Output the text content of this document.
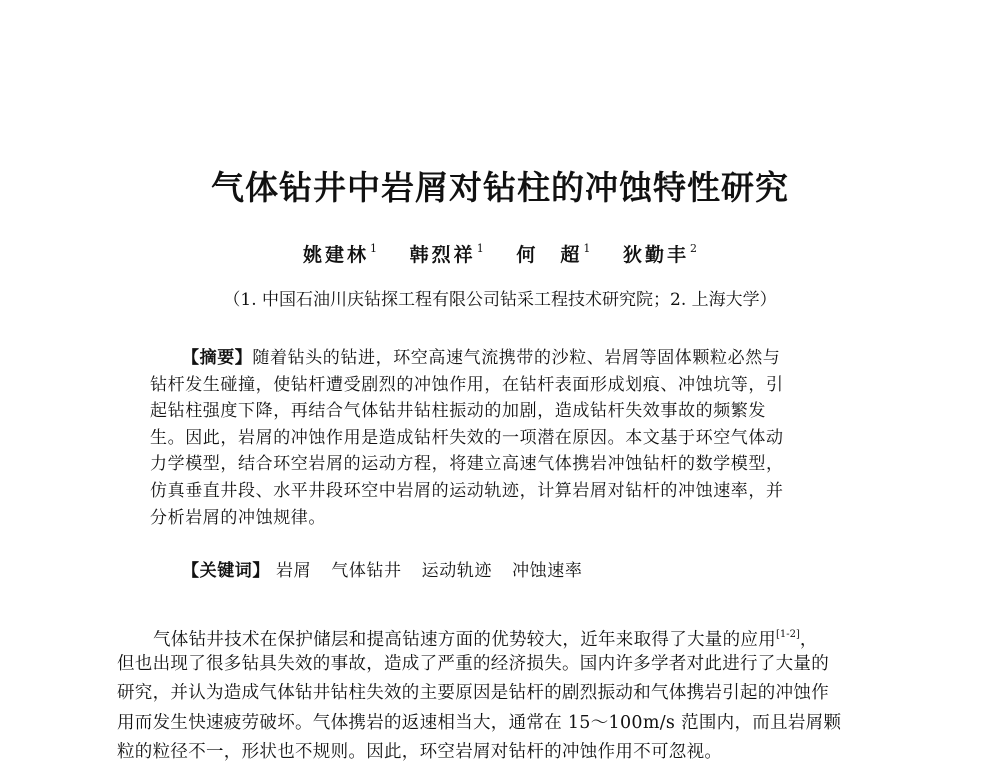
气体钻井中岩屑对钻柱的冲蚀特性研究
姚建林$^1$ 韩烈祥$^1$ 何　超$^1$ 狄勤丰$^2$
（1. 中国石油川庆钻探工程有限公司钻采工程技术研究院；2. 上海大学）
【摘要】随着钻头的钻进，环空高速气流携带的沙粒、岩屑等固体颗粒必然与
钻杆发生碰撞，使钻杆遭受剧烈的冲蚀作用，在钻杆表面形成划痕、冲蚀坑等，引
起钻柱强度下降，再结合气体钻井钻柱振动的加剧，造成钻杆失效事故的频繁发
生。因此，岩屑的冲蚀作用是造成钻杆失效的一项潜在原因。本文基于环空气体动
力学模型，结合环空岩屑的运动方程，将建立高速气体携岩冲蚀钻杆的数学模型，
仿真垂直井段、水平井段环空中岩屑的运动轨迹，计算岩屑对钻杆的冲蚀速率，并
分析岩屑的冲蚀规律。
【关键词】 岩屑 气体钻井 运动轨迹 冲蚀速率
气体钻井技术在保护储层和提高钻速方面的优势较大，近年来取得了大量的应用[1-2]，
但也出现了很多钻具失效的事故，造成了严重的经济损失。国内许多学者对此进行了大量的
研究，并认为造成气体钻井钻柱失效的主要原因是钻杆的剧烈振动和气体携岩引起的冲蚀作
用而发生快速疲劳破坏。气体携岩的返速相当大，通常在 15～100m/s 范围内，而且岩屑颗
粒的粒径不一，形状也不规则。因此，环空岩屑对钻杆的冲蚀作用不可忽视。
